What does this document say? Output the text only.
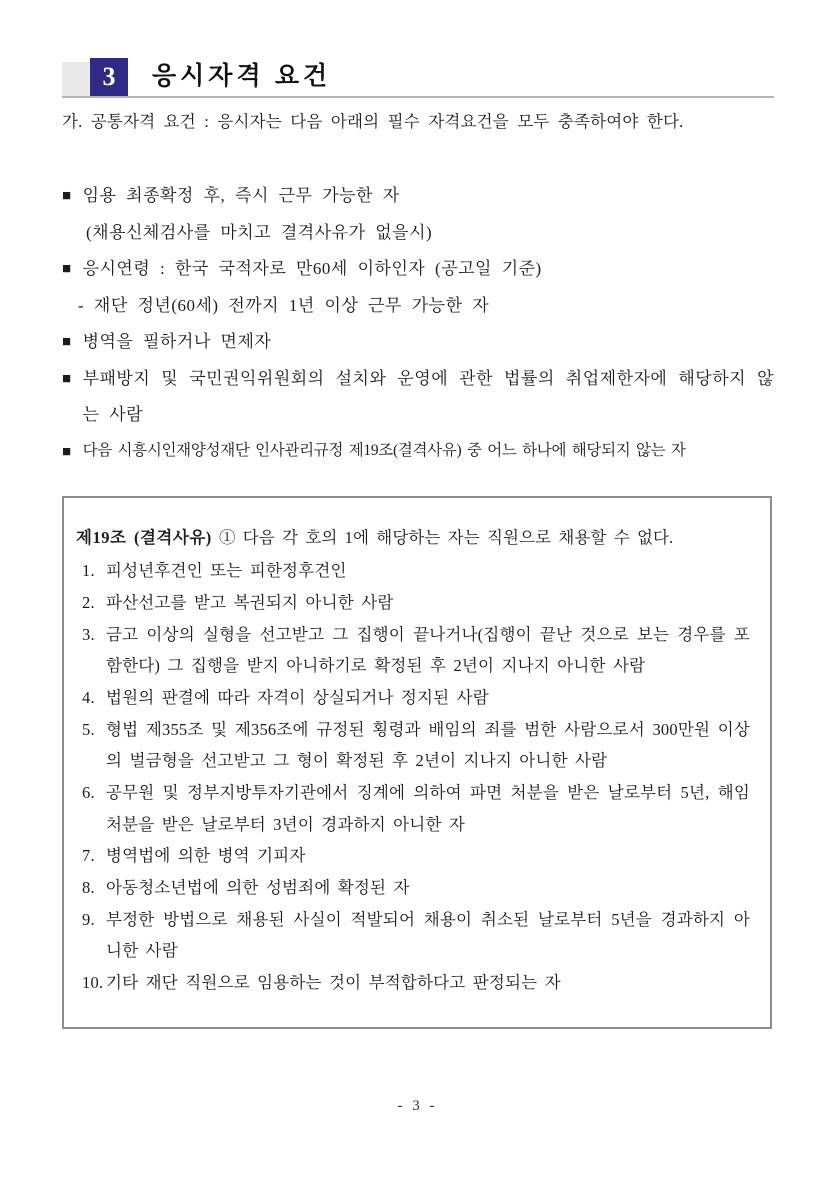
3	응시자격 요건
가. 공통자격 요건 : 응시자는 다음 아래의 필수 자격요건을 모두 충족하여야 한다.
■ 임용 최종확정 후, 즉시 근무 가능한 자
(채용신체검사를 마치고 결격사유가 없을시)
■ 응시연령 : 한국 국적자로 만60세 이하인자 (공고일 기준)
- 재단 정년(60세) 전까지 1년 이상 근무 가능한 자
■ 병역을 필하거나 면제자
■ 부패방지 및 국민권익위원회의 설치와 운영에 관한 법률의 취업제한자에 해당하지 않는 사람
■ 다음 시흥시인재양성재단 인사관리규정 제19조(결격사유) 중 어느 하나에 해당되지 않는 자
제19조 (결격사유) ① 다음 각 호의 1에 해당하는 자는 직원으로 채용할 수 없다.
1. 피성년후견인 또는 피한정후견인
2. 파산선고를 받고 복권되지 아니한 사람
3. 금고 이상의 실형을 선고받고 그 집행이 끝나거나(집행이 끝난 것으로 보는 경우를 포함한다) 그 집행을 받지 아니하기로 확정된 후 2년이 지나지 아니한 사람
4. 법원의 판결에 따라 자격이 상실되거나 정지된 사람
5. 형법 제355조 및 제356조에 규정된 횡령과 배임의 죄를 범한 사람으로서 300만원 이상의 벌금형을 선고받고 그 형이 확정된 후 2년이 지나지 아니한 사람
6. 공무원 및 정부지방투자기관에서 징계에 의하여 파면 처분을 받은 날로부터 5년, 해임처분을 받은 날로부터 3년이 경과하지 아니한 자
7. 병역법에 의한 병역 기피자
8. 아동청소년법에 의한 성범죄에 확정된 자
9. 부정한 방법으로 채용된 사실이 적발되어 채용이 취소된 날로부터 5년을 경과하지 아니한 사람
10. 기타 재단 직원으로 임용하는 것이 부적합하다고 판정되는 자
- 3 -
